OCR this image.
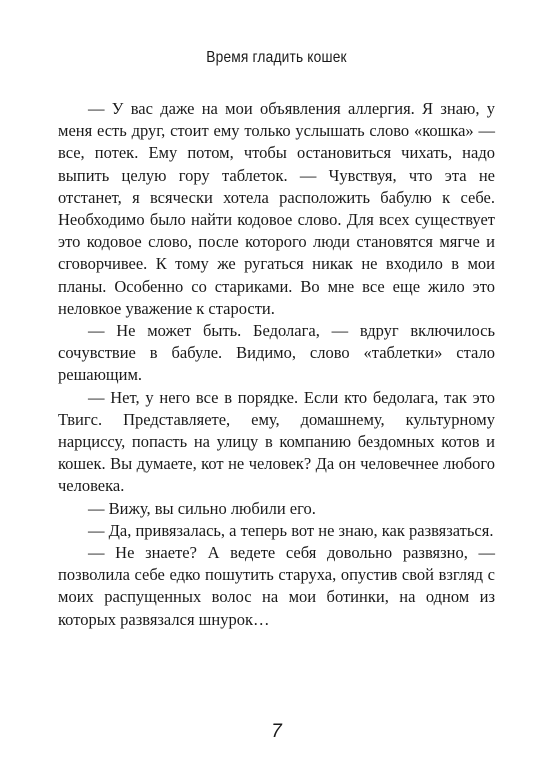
Время гладить кошек

— У вас даже на мои объявления аллергия. Я знаю, у меня есть друг, стоит ему только услышать слово «кошка» — все, потек. Ему потом, чтобы остановиться чихать, надо выпить целую гору таблеток. — Чувствуя, что эта не отстанет, я всячески хотела расположить бабулю к себе. Необходимо было найти кодовое слово. Для всех существует это кодовое слово, после которого люди становятся мягче и сговорчивее. К тому же ругаться никак не входило в мои планы. Особенно со стариками. Во мне все еще жило это неловкое уважение к старости.

— Не может быть. Бедолага, — вдруг включилось сочувствие в бабуле. Видимо, слово «таблетки» стало решающим.

— Нет, у него все в порядке. Если кто бедолага, так это Твигс. Представляете, ему, домашнему, культурному нарциссу, попасть на улицу в компанию бездомных котов и кошек. Вы думаете, кот не человек? Да он человечнее любого человека.

— Вижу, вы сильно любили его.

— Да, привязалась, а теперь вот не знаю, как развязаться.

— Не знаете? А ведете себя довольно развязно, — позволила себе едко пошутить старуха, опустив свой взгляд с моих распущенных волос на мои ботинки, на одном из которых развязался шнурок…

7
